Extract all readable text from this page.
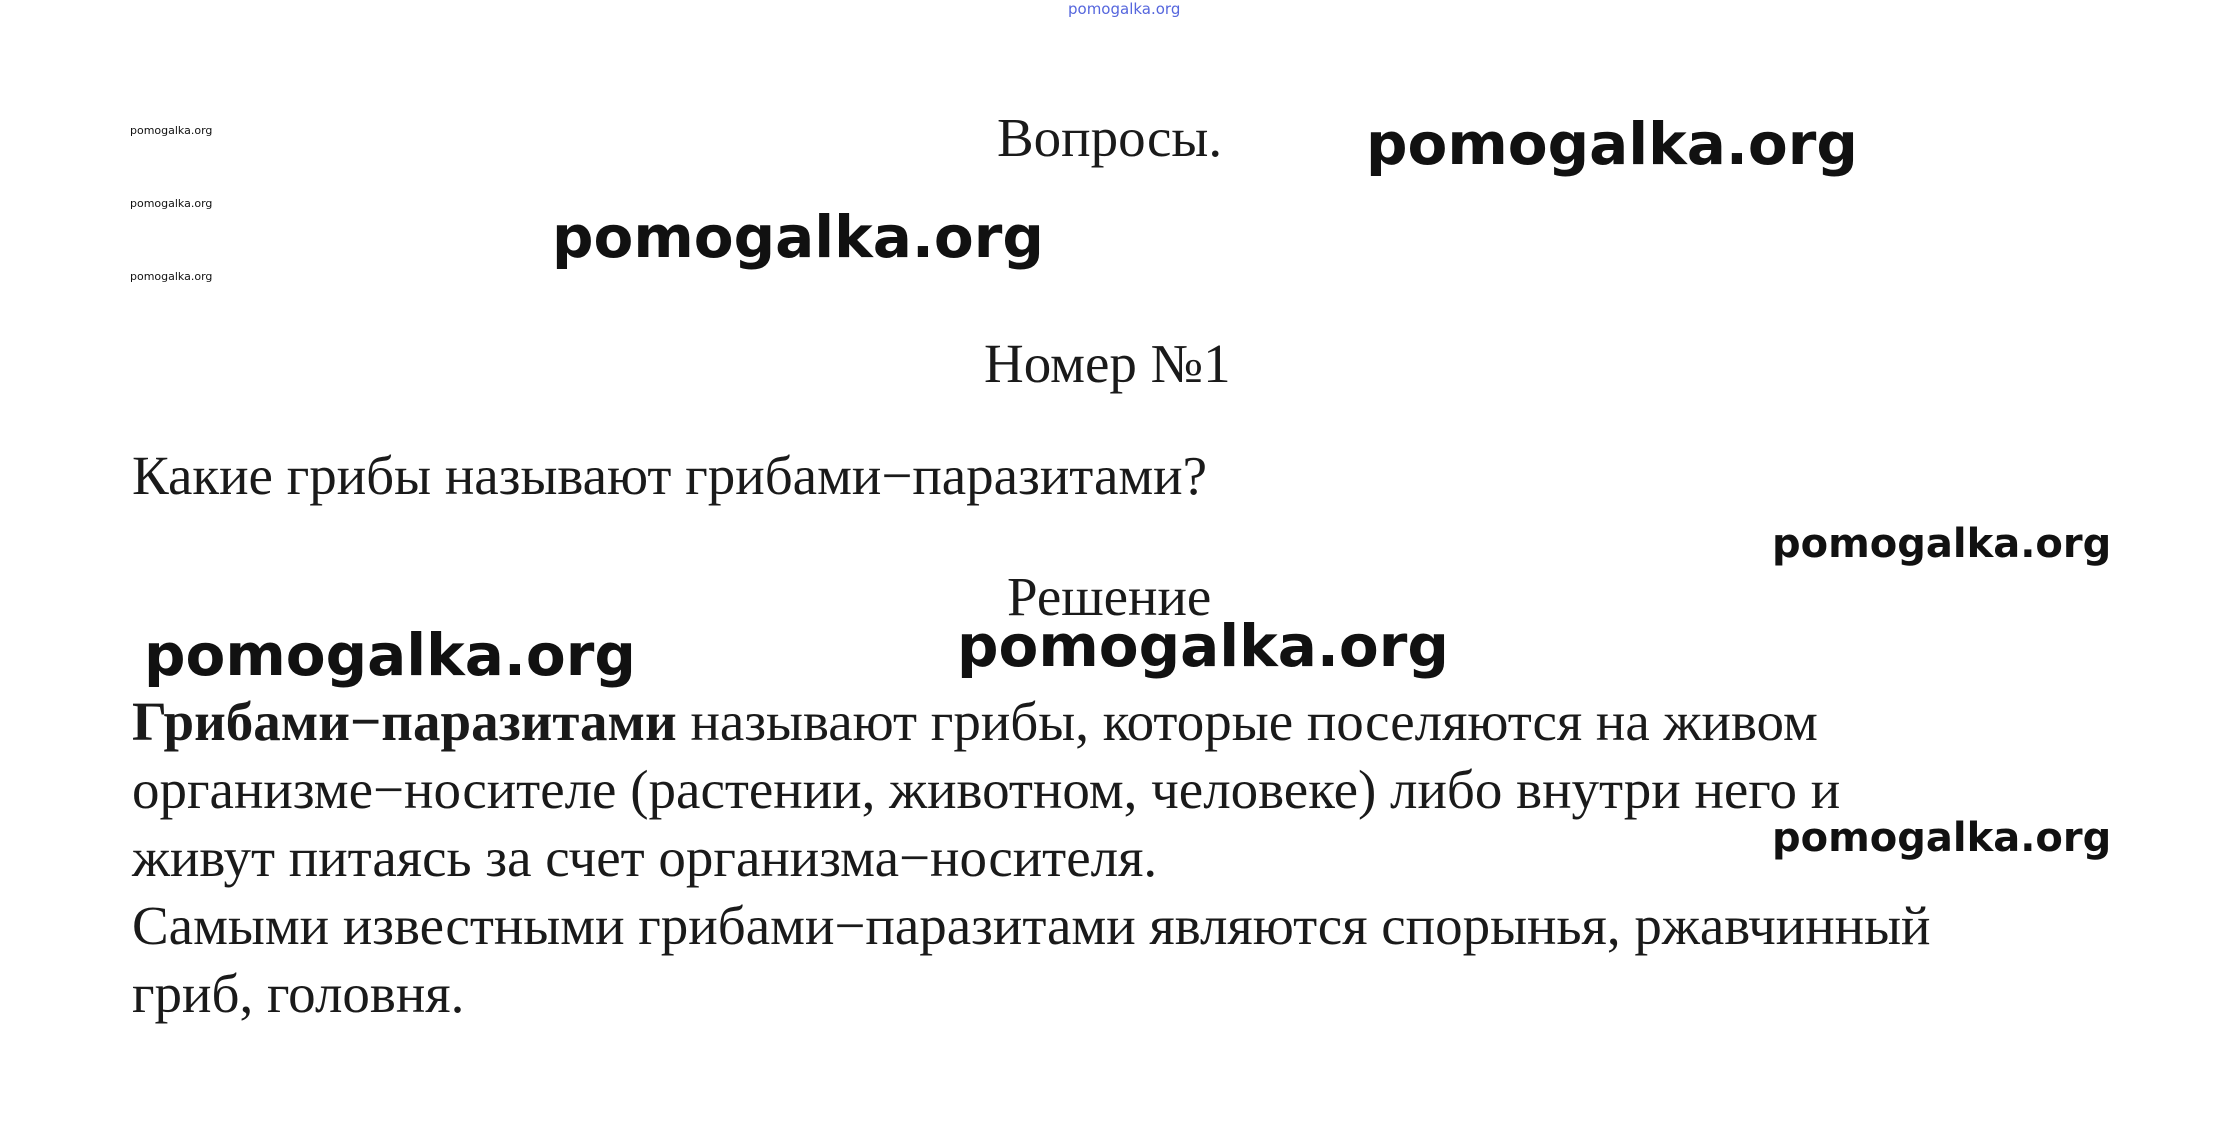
pomogalka.org
pomogalka.org
pomogalka.org
pomogalka.org
Вопросы. pomogalka.org
pomogalka.org
Номер №1
Какие грибы называют грибами−паразитами?
pomogalka.org
Решение
pomogalka.org	pomogalka.org
Грибами−паразитами называют грибы, которые поселяются на живом
организме−носителе (растении, животном, человеке) либо внутри него и
живут питаясь за счет организма−носителя.
Самыми известными грибами−паразитами являются спорынья, ржавчинный
гриб, головня.
pomogalka.org
